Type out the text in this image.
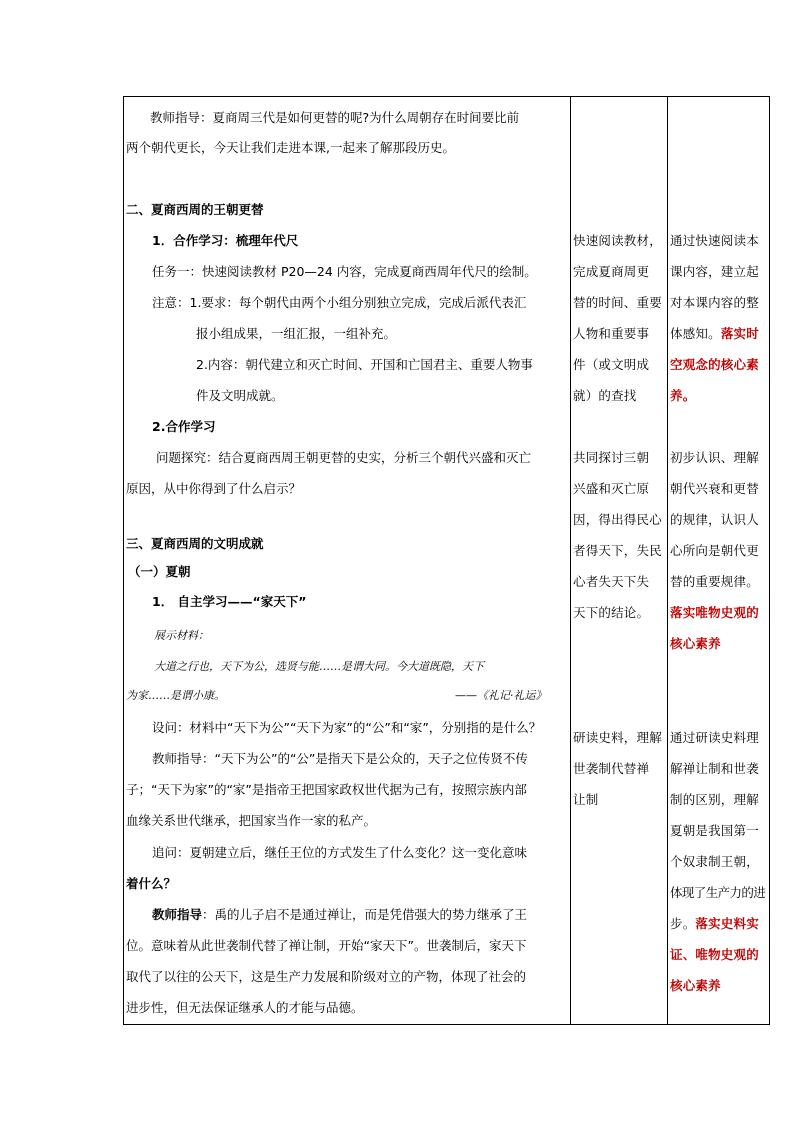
教师指导：夏商周三代是如何更替的呢?为什么周朝存在时间要比前
两个朝代更长，今天让我们走进本课,一起来了解那段历史。
二、夏商西周的王朝更替
1．合作学习：梳理年代尺
任务一：快速阅读教材 P20—24 内容，完成夏商西周年代尺的绘制。
注意：1.要求：每个朝代由两个小组分别独立完成，完成后派代表汇
报小组成果，一组汇报，一组补充。
2.内容：朝代建立和灭亡时间、开国和亡国君主、重要人物事
件及文明成就。
2.合作学习
问题探究：结合夏商西周王朝更替的史实，分析三个朝代兴盛和灭亡
原因，从中你得到了什么启示？
三、夏商西周的文明成就
（一）夏朝
1． 自主学习——“家天下”
展示材料：
大道之行也，天下为公，选贤与能……是谓大同。今大道既隐，天下
为家……是谓小康。	——《礼记·礼运》
设问：材料中“天下为公”“天下为家”的“公”和“家”，分别指的是什么？
教师指导：“天下为公”的“公”是指天下是公众的，天子之位传贤不传
子；“天下为家”的“家”是指帝王把国家政权世代据为己有，按照宗族内部
血缘关系世代继承，把国家当作一家的私产。
追问：夏朝建立后，继任王位的方式发生了什么变化？这一变化意味
着什么？
教师指导：禹的儿子启不是通过禅让，而是凭借强大的势力继承了王
位。意味着从此世袭制代替了禅让制，开始“家天下”。世袭制后，家天下
取代了以往的公天下，这是生产力发展和阶级对立的产物，体现了社会的
进步性，但无法保证继承人的才能与品德。
快速阅读教材，
完成夏商周更
替的时间、重要
人物和重要事
件（或文明成
就）的查找
共同探讨三朝
兴盛和灭亡原
因，得出得民心
者得天下，失民
心者失天下失
天下的结论。
研读史料，理解
世袭制代替禅
让制
通过快速阅读本
课内容，建立起
对本课内容的整
体感知。落实时
空观念的核心素
养。
初步认识、理解
朝代兴衰和更替
的规律，认识人
心所向是朝代更
替的重要规律。
落实唯物史观的
核心素养
通过研读史料理
解禅让制和世袭
制的区别，理解
夏朝是我国第一
个奴隶制王朝，
体现了生产力的进
步。落实史料实
证、唯物史观的
核心素养
